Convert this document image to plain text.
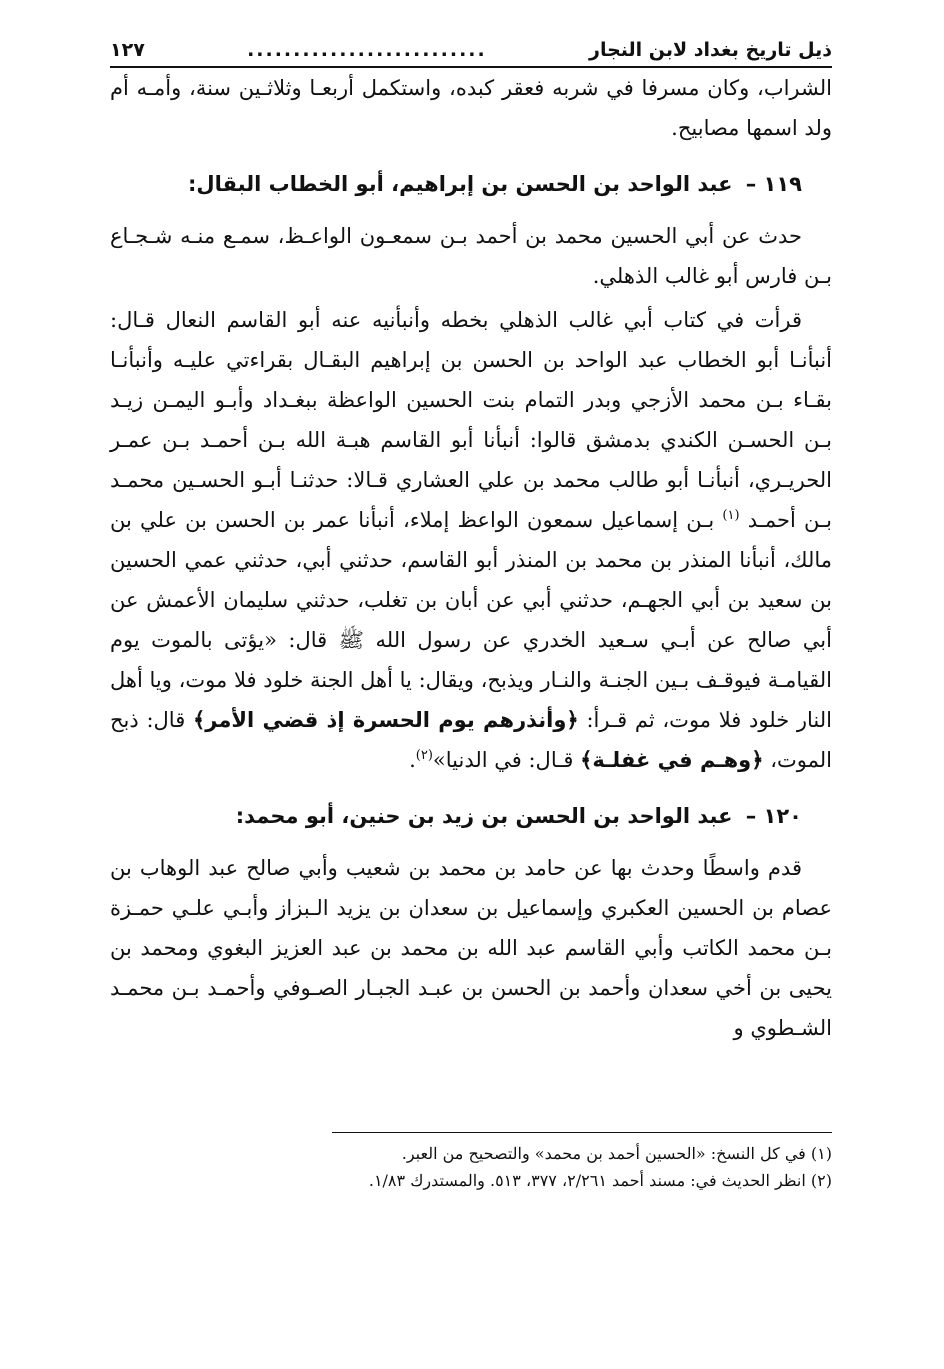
ذيل تاريخ بغداد لابن النجار
..........................
١٢٧

الشراب، وكان مسرفا في شربه فعقر كبده، واستكمل أربعـا وثلاثـين سنة، وأمـه أم ولد اسمها مصابيح.

١١٩ – عبد الواحد بن الحسن بن إبراهيم، أبو الخطاب البقال:

حدث عن أبي الحسين محمد بن أحمد بـن سمعـون الواعـظ، سمـع منـه شـجـاع بـن فارس أبو غالب الذهلي.

قرأت في كتاب أبي غالب الذهلي بخطه وأنبأنيه عنه أبو القاسم النعال قـال: أنبأنـا أبو الخطاب عبد الواحد بن الحسن بن إبراهيم البقـال بقراءتي عليـه وأنبأنـا بقـاء بـن محمد الأزجي وبدر التمام بنت الحسين الواعظة ببغـداد وأبـو اليمـن زيـد بـن الحسـن الكندي بدمشق قالوا: أنبأنا أبو القاسم هبـة الله بـن أحمـد بـن عمـر الحريـري، أنبأنـا أبو طالب محمد بن علي العشاري قـالا: حدثنـا أبـو الحسـين محمـد بـن أحمـد $^{(١)}$ بـن إسماعيل سمعون الواعظ إملاء، أنبأنا عمر بن الحسن بن علي بن مالك، أنبأنا المنذر بن محمد بن المنذر أبو القاسم، حدثني أبي، حدثني عمي الحسين بن سعيد بن أبي الجهـم، حدثني أبي عن أبان بن تغلب، حدثني سليمان الأعمش عن أبي صالح عن أبـي سـعيد الخدري عن رسول الله ﷺ قال: «يؤتى بالموت يوم القيامـة فيوقـف بـين الجنـة والنـار ويذبح، ويقال: يا أهل الجنة خلود فلا موت، ويا أهل النار خلود فلا موت، ثم قـرأ: ﴿وأنذرهم يوم الحسرة إذ قضي الأمر﴾ قال: ذبح الموت، ﴿وهـم في غفلـة﴾ قـال: في الدنيا»$^{(٢)}$.

١٢٠ – عبد الواحد بن الحسن بن زيد بن حنين، أبو محمد:

قدم واسطًا وحدث بها عن حامد بن محمد بن شعيب وأبي صالح عبد الوهاب بن عصام بن الحسين العكبري وإسماعيل بن سعدان بن يزيد الـبزاز وأبـي علـي حمـزة بـن محمد الكاتب وأبي القاسم عبد الله بن محمد بن عبد العزيز البغوي ومحمد بن يحيى بن أخي سعدان وأحمد بن الحسن بن عبـد الجبـار الصـوفي وأحمـد بـن محمـد الشـطوي و

(١) في كل النسخ: «الحسين أحمد بن محمد» والتصحيح من العبر.

(٢) انظر الحديث في: مسند أحمد ٢/٢٦١، ٣٧٧، ٥١٣. والمستدرك ١/٨٣.
